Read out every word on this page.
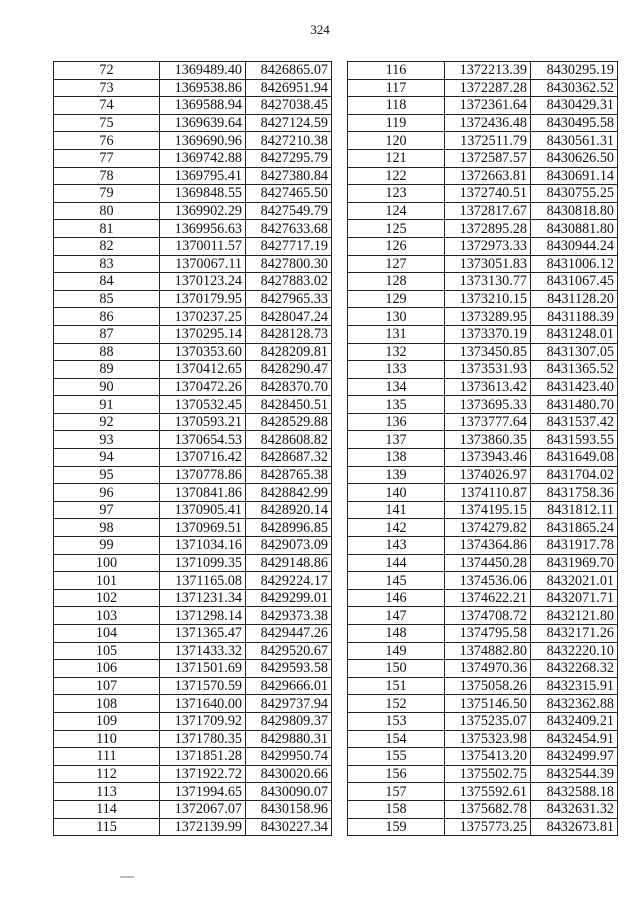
324
72	1369489.40	8426865.07
73	1369538.86	8426951.94
74	1369588.94	8427038.45
75	1369639.64	8427124.59
76	1369690.96	8427210.38
77	1369742.88	8427295.79
78	1369795.41	8427380.84
79	1369848.55	8427465.50
80	1369902.29	8427549.79
81	1369956.63	8427633.68
82	1370011.57	8427717.19
83	1370067.11	8427800.30
84	1370123.24	8427883.02
85	1370179.95	8427965.33
86	1370237.25	8428047.24
87	1370295.14	8428128.73
88	1370353.60	8428209.81
89	1370412.65	8428290.47
90	1370472.26	8428370.70
91	1370532.45	8428450.51
92	1370593.21	8428529.88
93	1370654.53	8428608.82
94	1370716.42	8428687.32
95	1370778.86	8428765.38
96	1370841.86	8428842.99
97	1370905.41	8428920.14
98	1370969.51	8428996.85
99	1371034.16	8429073.09
100	1371099.35	8429148.86
101	1371165.08	8429224.17
102	1371231.34	8429299.01
103	1371298.14	8429373.38
104	1371365.47	8429447.26
105	1371433.32	8429520.67
106	1371501.69	8429593.58
107	1371570.59	8429666.01
108	1371640.00	8429737.94
109	1371709.92	8429809.37
110	1371780.35	8429880.31
111	1371851.28	8429950.74
112	1371922.72	8430020.66
113	1371994.65	8430090.07
114	1372067.07	8430158.96
115	1372139.99	8430227.34
116	1372213.39	8430295.19
117	1372287.28	8430362.52
118	1372361.64	8430429.31
119	1372436.48	8430495.58
120	1372511.79	8430561.31
121	1372587.57	8430626.50
122	1372663.81	8430691.14
123	1372740.51	8430755.25
124	1372817.67	8430818.80
125	1372895.28	8430881.80
126	1372973.33	8430944.24
127	1373051.83	8431006.12
128	1373130.77	8431067.45
129	1373210.15	8431128.20
130	1373289.95	8431188.39
131	1373370.19	8431248.01
132	1373450.85	8431307.05
133	1373531.93	8431365.52
134	1373613.42	8431423.40
135	1373695.33	8431480.70
136	1373777.64	8431537.42
137	1373860.35	8431593.55
138	1373943.46	8431649.08
139	1374026.97	8431704.02
140	1374110.87	8431758.36
141	1374195.15	8431812.11
142	1374279.82	8431865.24
143	1374364.86	8431917.78
144	1374450.28	8431969.70
145	1374536.06	8432021.01
146	1374622.21	8432071.71
147	1374708.72	8432121.80
148	1374795.58	8432171.26
149	1374882.80	8432220.10
150	1374970.36	8432268.32
151	1375058.26	8432315.91
152	1375146.50	8432362.88
153	1375235.07	8432409.21
154	1375323.98	8432454.91
155	1375413.20	8432499.97
156	1375502.75	8432544.39
157	1375592.61	8432588.18
158	1375682.78	8432631.32
159	1375773.25	8432673.81
